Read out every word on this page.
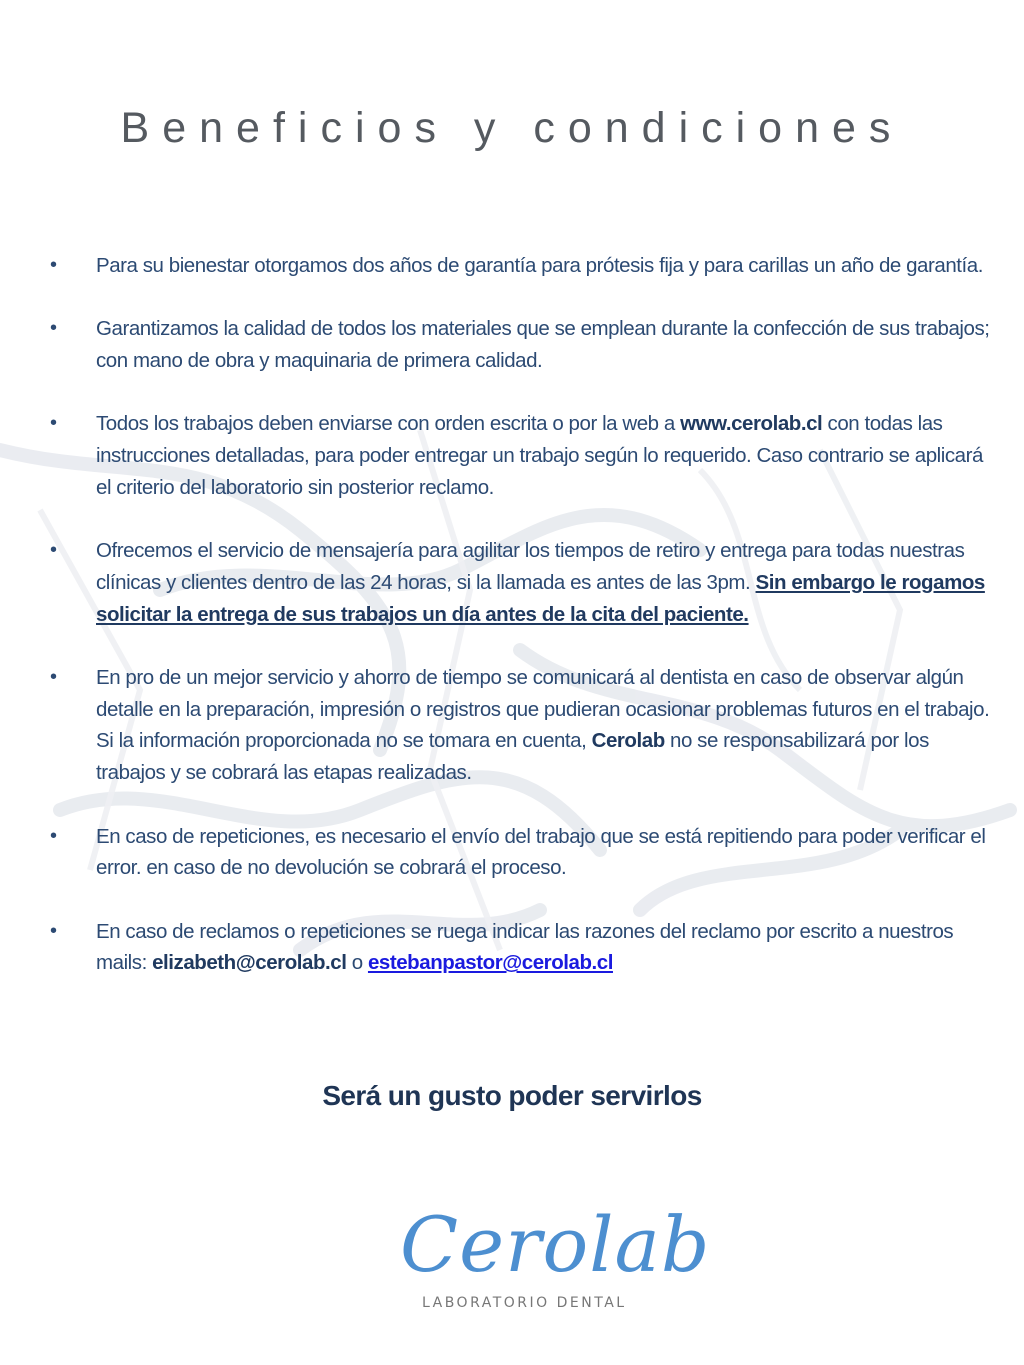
Beneficios y condiciones
•	Para su bienestar otorgamos dos años de garantía para prótesis fija y para carillas un año de garantía.
•	Garantizamos la calidad de todos los materiales que se emplean durante la confección de sus trabajos; con mano de obra y maquinaria de primera calidad.
•	Todos los trabajos deben enviarse con orden escrita o por la web a www.cerolab.cl con todas las instrucciones detalladas, para poder entregar un trabajo según lo requerido. Caso contrario se aplicará el criterio del laboratorio sin posterior reclamo.
•	Ofrecemos el servicio de mensajería para agilitar los tiempos de retiro y entrega para todas nuestras clínicas y clientes dentro de las 24 horas, si la llamada es antes de las 3pm. Sin embargo le rogamos solicitar la entrega de sus trabajos un día antes de la cita del paciente.
•	En pro de un mejor servicio y ahorro de tiempo se comunicará al dentista en caso de observar algún detalle en la preparación, impresión o registros que pudieran ocasionar problemas futuros en el trabajo. Si la información proporcionada no se tomara en cuenta, Cerolab no se responsabilizará por los trabajos y se cobrará las etapas realizadas.
•	En caso de repeticiones, es necesario el envío del trabajo que se está repitiendo para poder verificar el error. en caso de no devolución se cobrará el proceso.
•	En caso de reclamos o repeticiones se ruega indicar las razones del reclamo por escrito a nuestros mails: elizabeth@cerolab.cl o estebanpastor@cerolab.cl

Será un gusto poder servirlos

Cerolab
LABORATORIO DENTAL
